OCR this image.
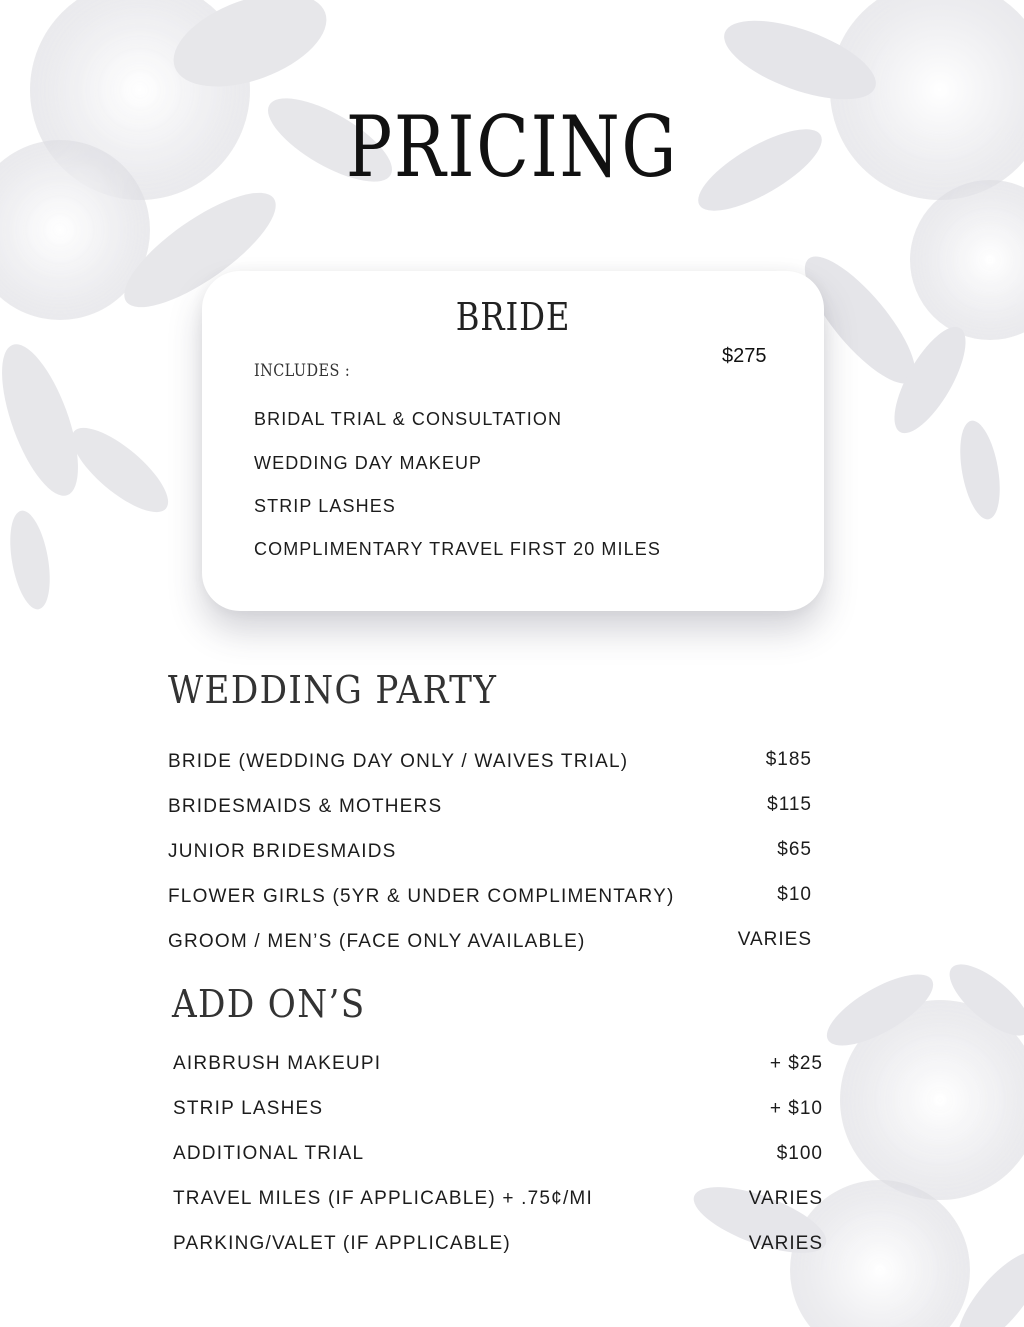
PRICING
BRIDE
$275
INCLUDES :
BRIDAL TRIAL & CONSULTATION
WEDDING DAY MAKEUP
STRIP LASHES
COMPLIMENTARY TRAVEL FIRST 20 MILES
WEDDING PARTY
BRIDE (WEDDING DAY ONLY / WAIVES TRIAL)	$185
BRIDESMAIDS & MOTHERS	$115
JUNIOR BRIDESMAIDS	$65
FLOWER GIRLS (5YR & UNDER COMPLIMENTARY)	$10
GROOM / MEN’S (FACE ONLY AVAILABLE)	VARIES
ADD ON’S
AIRBRUSH MAKEUPI	+ $25
STRIP LASHES	+ $10
ADDITIONAL TRIAL	$100
TRAVEL MILES (IF APPLICABLE) + .75¢/MI	VARIES
PARKING/VALET (IF APPLICABLE)	VARIES
